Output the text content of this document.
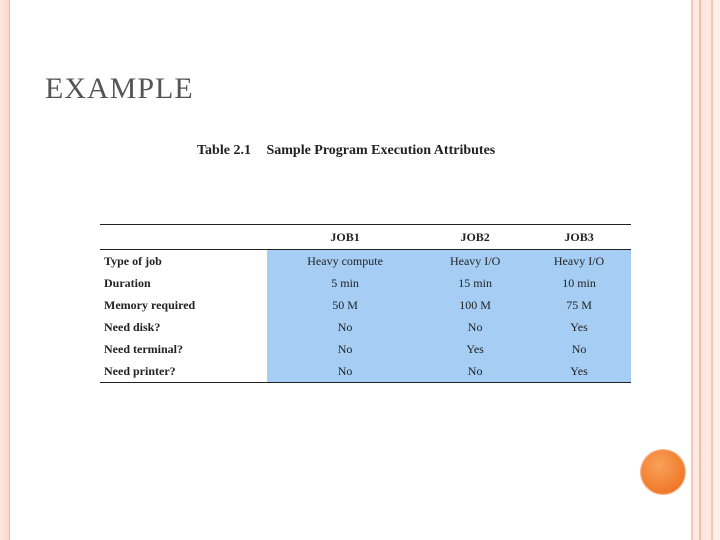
EXAMPLE
Table 2.1 Sample Program Execution Attributes
	JOB1	JOB2	JOB3
Type of job	Heavy compute	Heavy I/O	Heavy I/O
Duration	5 min	15 min	10 min
Memory required	50 M	100 M	75 M
Need disk?	No	No	Yes
Need terminal?	No	Yes	No
Need printer?	No	No	Yes
